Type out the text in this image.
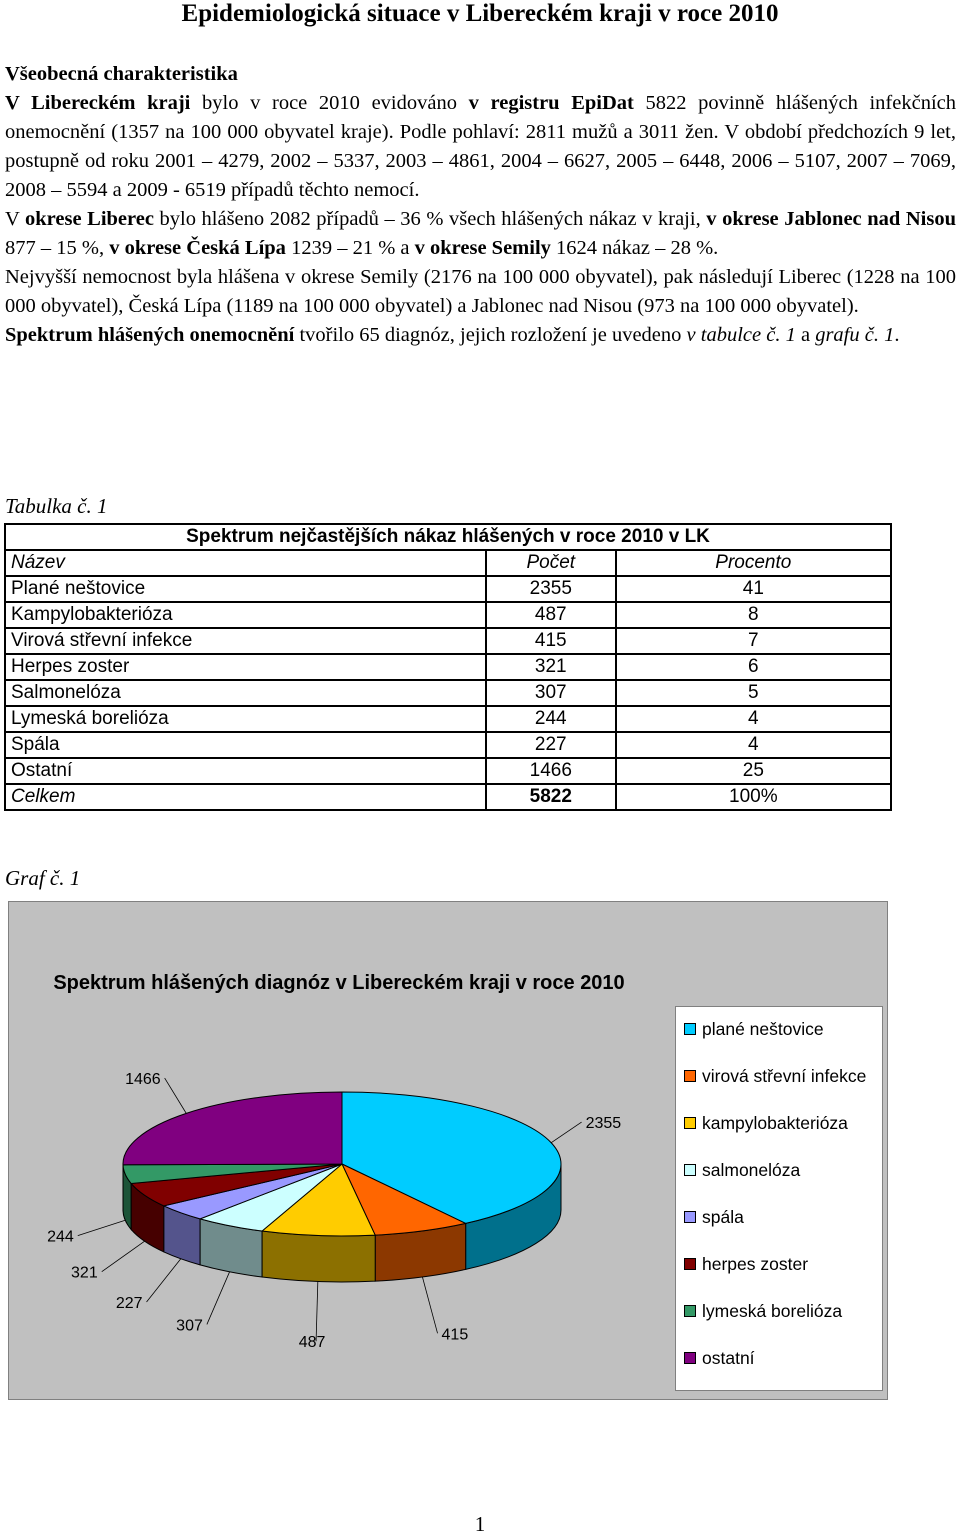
Epidemiologická situace v Libereckém kraji v roce 2010

Všeobecná charakteristika

V Libereckém kraji bylo v roce 2010 evidováno v registru EpiDat 5822 povinně hlášených infekčních onemocnění (1357 na 100 000 obyvatel kraje). Podle pohlaví: 2811 mužů a 3011 žen. V období předchozích 9 let, postupně od roku 2001 – 4279, 2002 – 5337, 2003 – 4861, 2004 – 6627, 2005 – 6448, 2006 – 5107, 2007 – 7069, 2008 – 5594 a 2009 - 6519 případů těchto nemocí.

V okrese Liberec bylo hlášeno 2082 případů – 36 % všech hlášených nákaz v kraji, v okrese Jablonec nad Nisou 877 – 15 %, v okrese Česká Lípa 1239 – 21 % a v okrese Semily 1624 nákaz – 28 %.

Nejvyšší nemocnost byla hlášena v okrese Semily (2176 na 100 000 obyvatel), pak následují Liberec (1228 na 100 000 obyvatel), Česká Lípa (1189 na 100 000 obyvatel) a Jablonec nad Nisou (973 na 100 000 obyvatel).

Spektrum hlášených onemocnění tvořilo 65 diagnóz, jejich rozložení je uvedeno v tabulce č. 1 a grafu č. 1.

Tabulka č. 1
Spektrum nejčastějších nákaz hlášených v roce 2010 v LK		
Název	Počet	Procento
Plané neštovice	2355	41
Kampylobakterióza	487	8
Virová střevní infekce	415	7
Herpes zoster	321	6
Salmonelóza	307	5
Lymeská borelióza	244	4
Spála	227	4
Ostatní	1466	25
Celkem	5822	100%
Graf č. 1
2355
415
487
307
227
321
244
1466
Spektrum hlášených diagnóz v Libereckém kraji v roce 2010
plané neštovice
virová střevní infekce
kampylobakterióza
salmonelóza
spála
herpes zoster
lymeská borelióza
ostatní
1
